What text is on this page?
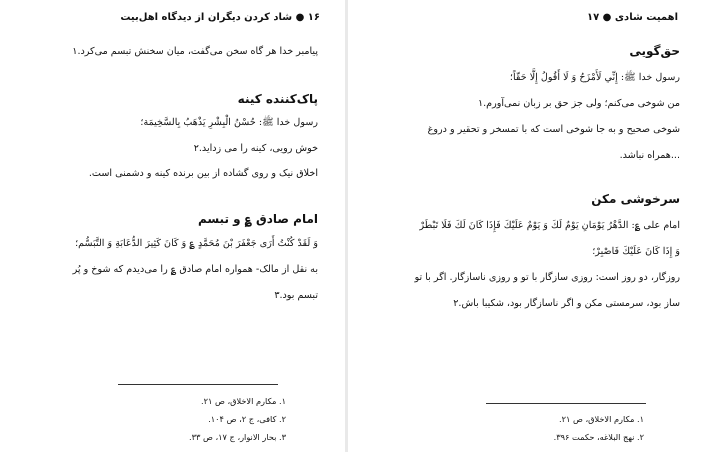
۱۶ ● شاد کردن دیگران از دیدگاه اهل‌بیت
پیامبر خدا هر گاه سخن می‌گفت، میان سخنش تبسم می‌کرد.۱
پاک‌کننده کینه
رسول خدا ﷺ: حُسْنُ الْبِشْرِ يَذْهَبُ بِالسَّخِيمَة؛
خوش رویی، کینه را می زداید.۲
اخلاق نیک و روی گشاده از بین برنده کینه و دشمنی است.
امام صادق ؏ و تبسم
وَ لَقَدْ كُنْتُ أَرَى جَعْفَرَ بْنَ مُحَمَّدٍ ؏ وَ كَانَ كَثِيرَ الدُّعَابَةِ وَ التَّبَسُّم؛
به نقل از مالک- همواره امام صادق ؏ را می‌دیدم که شوخ و پُر
تبسم بود.۳
۱. مکارم الاخلاق، ص ۲۱.
۲. کافی، ج ۲، ص ۱۰۴.
۳. بحار الانوار، ج ۱۷، ص ۳۳.
اهمیت شادی ● ۱۷
حق‌گویی
رسول خدا ﷺ: إِنِّي لَأَمْزَحُ وَ لَا أَقُولُ إِلَّا حَقّاً؛
من شوخی می‌کنم؛ ولی جز حق بر زبان نمی‌آورم.۱
شوخی صحیح و به جا شوخی است که با تمسخر و تحقیر و دروغ
...همراه نباشد.
سرخوشی مکن
امام علی ؏: الدَّهْرُ يَوْمَانِ يَوْمٌ لَكَ وَ يَوْمٌ عَلَيْكَ فَإِذَا كَانَ لَكَ فَلَا تَبْطَرْ
وَ إِذَا كَانَ عَلَيْكَ فَاصْبِرْ؛
روزگار، دو روز است: روزی سازگار با تو و روزی ناسازگار. اگر با تو
ساز بود، سرمستی مکن و اگر ناسازگار بود، شکیبا باش.۲
۱. مکارم الاخلاق، ص ۲۱.
۲. نهج البلاغه، حکمت ۳۹۶.
